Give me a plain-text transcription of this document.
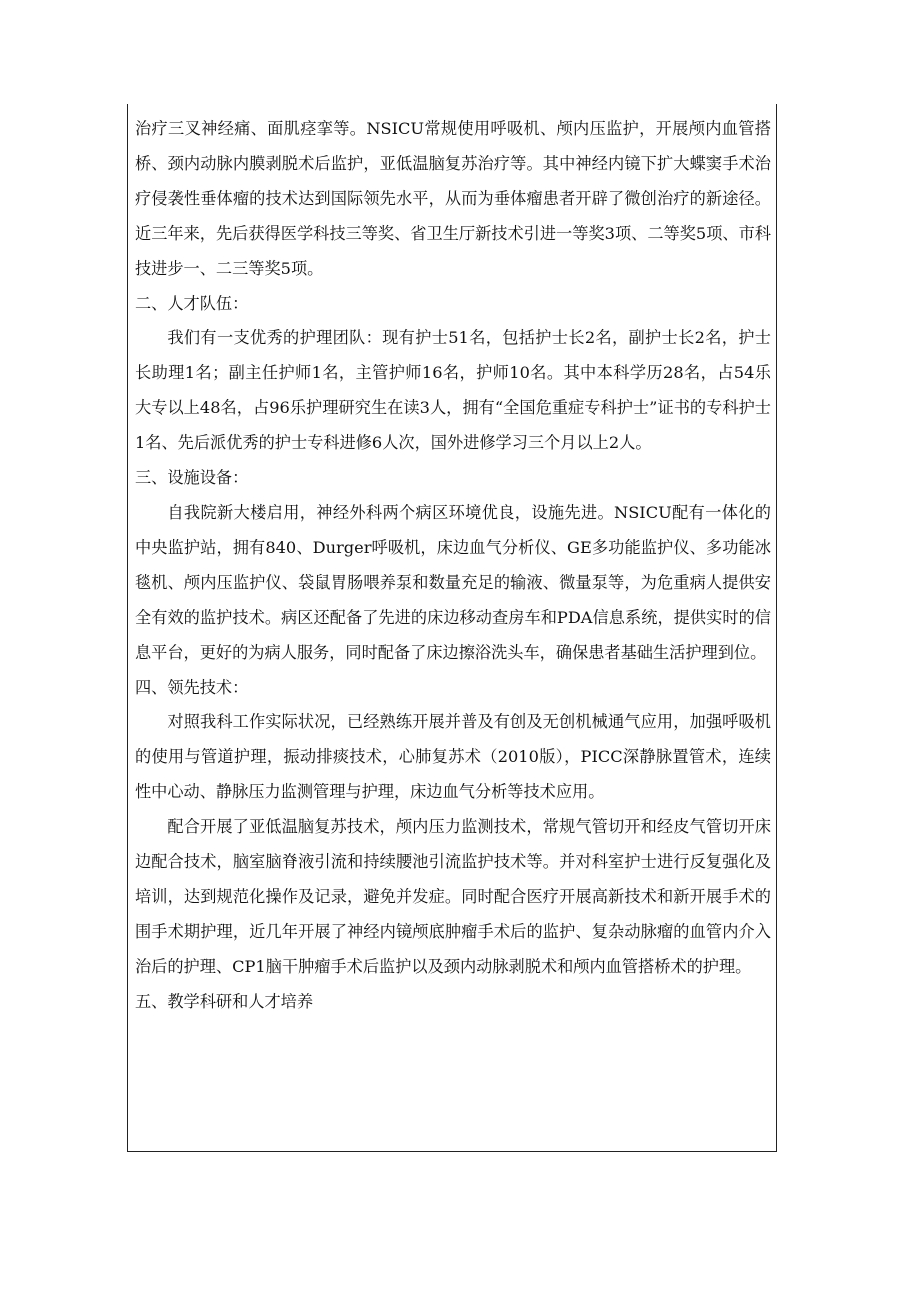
治疗三叉神经痛、面肌痉挛等。NSICU常规使用呼吸机、颅内压监护，开展颅内血管搭桥、颈内动脉内膜剥脱术后监护，亚低温脑复苏治疗等。其中神经内镜下扩大蝶窦手术治疗侵袭性垂体瘤的技术达到国际领先水平，从而为垂体瘤患者开辟了微创治疗的新途径。近三年来，先后获得医学科技三等奖、省卫生厅新技术引进一等奖3项、二等奖5项、市科技进步一、二三等奖5项。

二、人才队伍：

我们有一支优秀的护理团队：现有护士51名，包括护士长2名，副护士长2名，护士长助理1名；副主任护师1名，主管护师16名，护师10名。其中本科学历28名，占54乐大专以上48名，占96乐护理研究生在读3人，拥有“全国危重症专科护士”证书的专科护士1名、先后派优秀的护士专科进修6人次，国外进修学习三个月以上2人。

三、设施设备：

自我院新大楼启用，神经外科两个病区环境优良，设施先进。NSICU配有一体化的中央监护站，拥有840、Durger呼吸机，床边血气分析仪、GE多功能监护仪、多功能冰毯机、颅内压监护仪、袋鼠胃肠喂养泵和数量充足的输液、微量泵等，为危重病人提供安全有效的监护技术。病区还配备了先进的床边移动查房车和PDA信息系统，提供实时的信息平台，更好的为病人服务，同时配备了床边擦浴洗头车，确保患者基础生活护理到位。

四、领先技术：

对照我科工作实际状况，已经熟练开展并普及有创及无创机械通气应用，加强呼吸机的使用与管道护理，振动排痰技术，心肺复苏术（2010版），PICC深静脉置管术，连续性中心动、静脉压力监测管理与护理，床边血气分析等技术应用。

配合开展了亚低温脑复苏技术，颅内压力监测技术，常规气管切开和经皮气管切开床边配合技术，脑室脑脊液引流和持续腰池引流监护技术等。并对科室护士进行反复强化及培训，达到规范化操作及记录，避免并发症。同时配合医疗开展高新技术和新开展手术的围手术期护理，近几年开展了神经内镜颅底肿瘤手术后的监护、复杂动脉瘤的血管内介入治后的护理、CP1脑干肿瘤手术后监护以及颈内动脉剥脱术和颅内血管搭桥术的护理。

五、教学科研和人才培养
